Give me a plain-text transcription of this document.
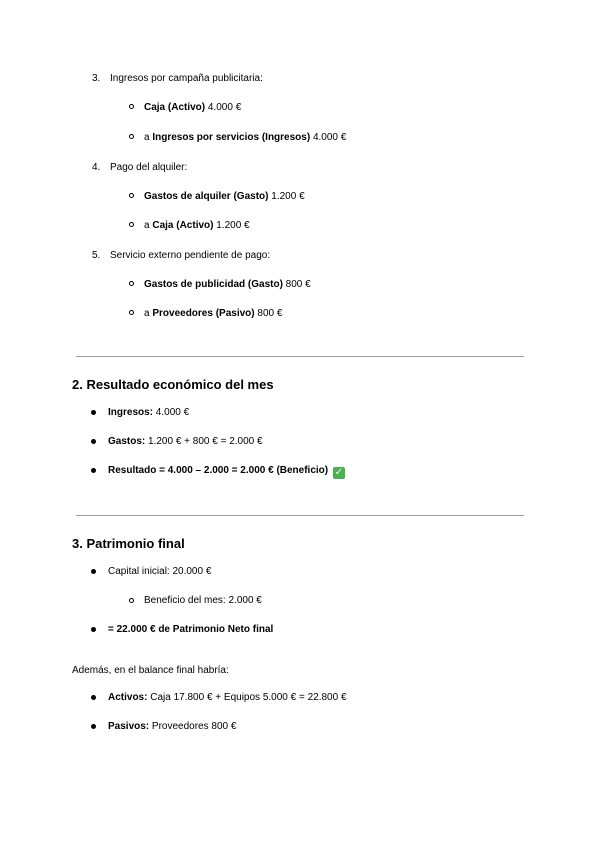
3. Ingresos por campaña publicitaria:
Caja (Activo) 4.000 €
a Ingresos por servicios (Ingresos) 4.000 €
4. Pago del alquiler:
Gastos de alquiler (Gasto) 1.200 €
a Caja (Activo) 1.200 €
5. Servicio externo pendiente de pago:
Gastos de publicidad (Gasto) 800 €
a Proveedores (Pasivo) 800 €
2. Resultado económico del mes
Ingresos: 4.000 €
Gastos: 1.200 € + 800 € = 2.000 €
Resultado = 4.000 – 2.000 = 2.000 € (Beneficio) ✓
3. Patrimonio final
Capital inicial: 20.000 €
Beneficio del mes: 2.000 €
= 22.000 € de Patrimonio Neto final
Además, en el balance final habría:
Activos: Caja 17.800 € + Equipos 5.000 € = 22.800 €
Pasivos: Proveedores 800 €
